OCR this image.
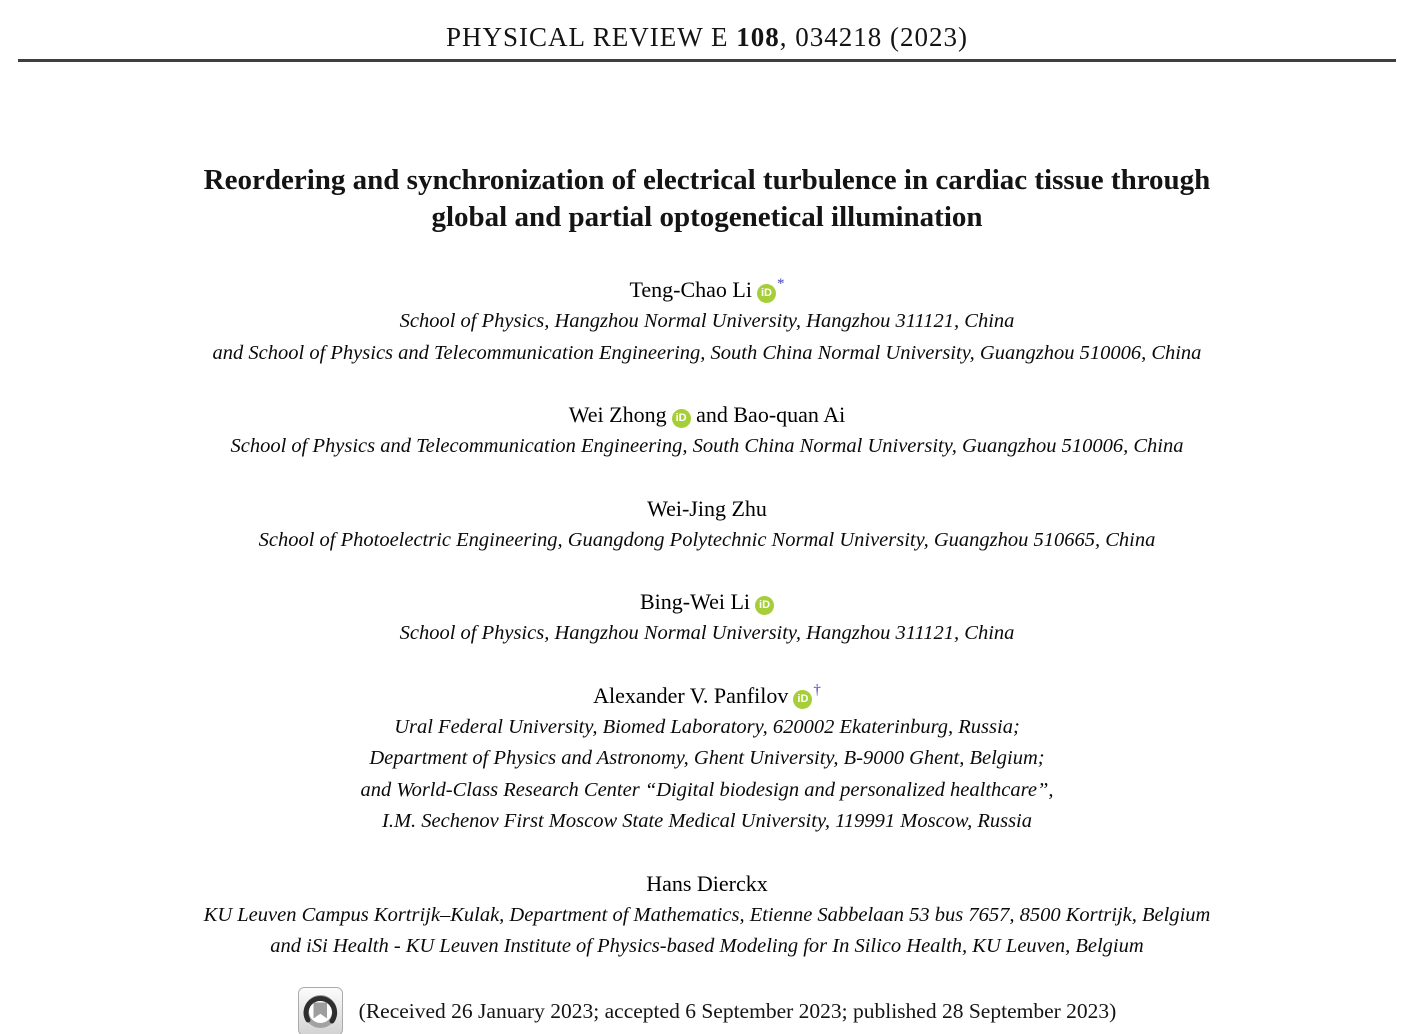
PHYSICAL REVIEW E 108, 034218 (2023)
Reordering and synchronization of electrical turbulence in cardiac tissue through
global and partial optogenetical illumination
Teng-Chao Li iD*
School of Physics, Hangzhou Normal University, Hangzhou 311121, China
and School of Physics and Telecommunication Engineering, South China Normal University, Guangzhou 510006, China
Wei Zhong iD and Bao-quan Ai
School of Physics and Telecommunication Engineering, South China Normal University, Guangzhou 510006, China
Wei-Jing Zhu
School of Photoelectric Engineering, Guangdong Polytechnic Normal University, Guangzhou 510665, China
Bing-Wei Li iD
School of Physics, Hangzhou Normal University, Hangzhou 311121, China
Alexander V. Panfilov iD†
Ural Federal University, Biomed Laboratory, 620002 Ekaterinburg, Russia;
Department of Physics and Astronomy, Ghent University, B-9000 Ghent, Belgium;
and World-Class Research Center “Digital biodesign and personalized healthcare”,
I.M. Sechenov First Moscow State Medical University, 119991 Moscow, Russia
Hans Dierckx
KU Leuven Campus Kortrijk–Kulak, Department of Mathematics, Etienne Sabbelaan 53 bus 7657, 8500 Kortrijk, Belgium
and iSi Health - KU Leuven Institute of Physics-based Modeling for In Silico Health, KU Leuven, Belgium
(Received 26 January 2023; accepted 6 September 2023; published 28 September 2023)
